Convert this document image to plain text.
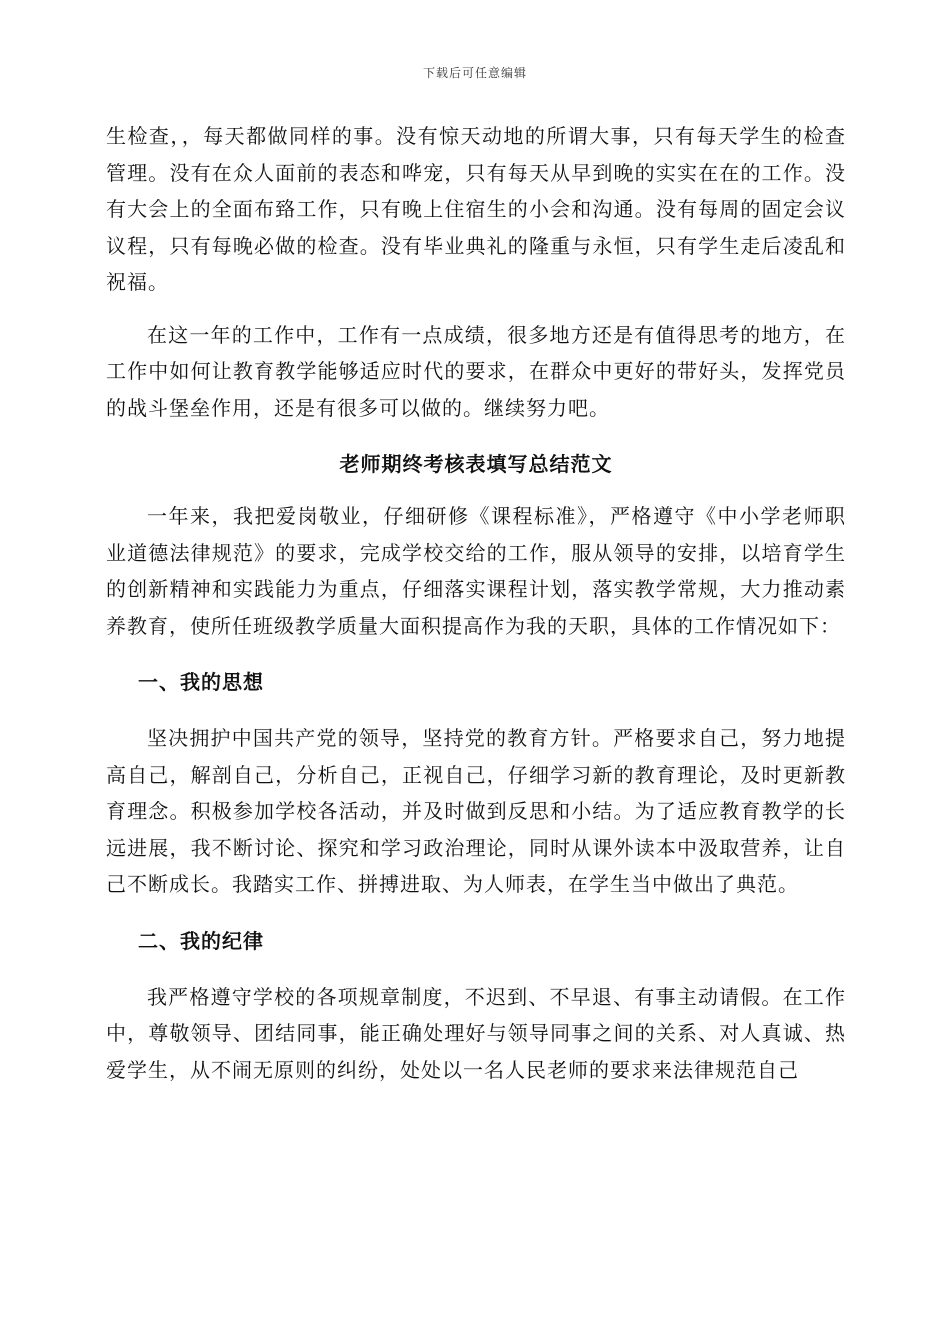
下载后可任意编辑

生检查，，每天都做同样的事。没有惊天动地的所谓大事，只有每天学生的检查管理。没有在众人面前的表态和哗宠，只有每天从早到晚的实实在在的工作。没有大会上的全面布臵工作，只有晚上住宿生的小会和沟通。没有每周的固定会议议程，只有每晚必做的检查。没有毕业典礼的隆重与永恒，只有学生走后凌乱和祝福。

在这一年的工作中，工作有一点成绩，很多地方还是有值得思考的地方，在工作中如何让教育教学能够适应时代的要求，在群众中更好的带好头，发挥党员的战斗堡垒作用，还是有很多可以做的。继续努力吧。

老师期终考核表填写总结范文

一年来，我把爱岗敬业，仔细研修《课程标准》，严格遵守《中小学老师职业道德法律规范》的要求，完成学校交给的工作，服从领导的安排，以培育学生的创新精神和实践能力为重点，仔细落实课程计划，落实教学常规，大力推动素养教育，使所任班级教学质量大面积提高作为我的天职，具体的工作情况如下：

一、我的思想

坚决拥护中国共产党的领导，坚持党的教育方针。严格要求自己，努力地提高自己，解剖自己，分析自己，正视自己，仔细学习新的教育理论，及时更新教育理念。积极参加学校各活动，并及时做到反思和小结。为了适应教育教学的长远进展，我不断讨论、探究和学习政治理论，同时从课外读本中汲取营养，让自己不断成长。我踏实工作、拼搏进取、为人师表，在学生当中做出了典范。

二、我的纪律

我严格遵守学校的各项规章制度，不迟到、不早退、有事主动请假。在工作中，尊敬领导、团结同事，能正确处理好与领导同事之间的关系、对人真诚、热爱学生，从不闹无原则的纠纷，处处以一名人民老师的要求来法律规范自己
